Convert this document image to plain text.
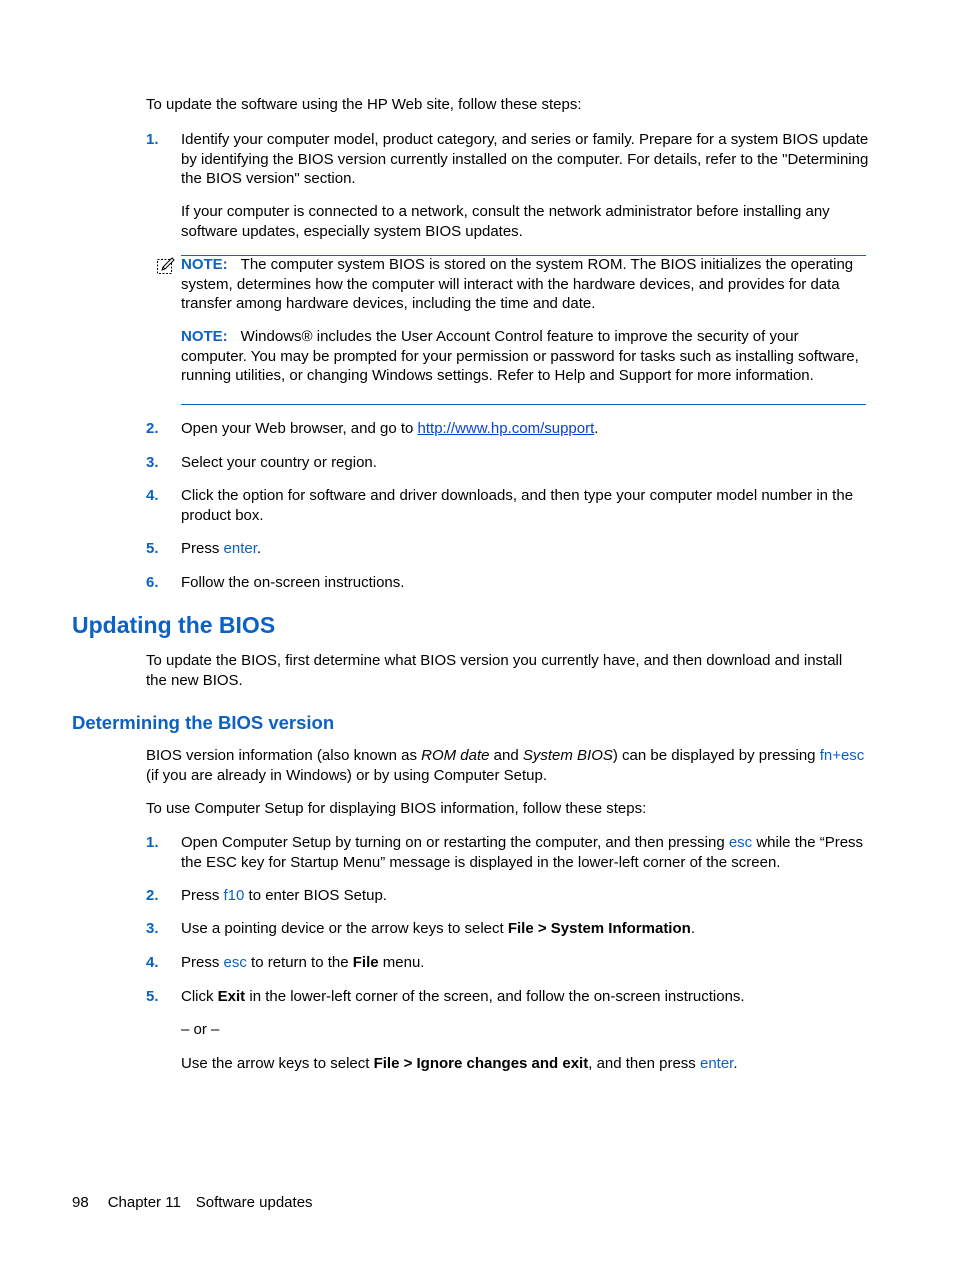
To update the software using the HP Web site, follow these steps:

1. Identify your computer model, product category, and series or family. Prepare for a system BIOS update by identifying the BIOS version currently installed on the computer. For details, refer to the "Determining the BIOS version" section.

If your computer is connected to a network, consult the network administrator before installing any software updates, especially system BIOS updates.

NOTE: The computer system BIOS is stored on the system ROM. The BIOS initializes the operating system, determines how the computer will interact with the hardware devices, and provides for data transfer among hardware devices, including the time and date.

NOTE: Windows® includes the User Account Control feature to improve the security of your computer. You may be prompted for your permission or password for tasks such as installing software, running utilities, or changing Windows settings. Refer to Help and Support for more information.

2. Open your Web browser, and go to http://www.hp.com/support.

3. Select your country or region.

4. Click the option for software and driver downloads, and then type your computer model number in the product box.

5. Press enter.

6. Follow the on-screen instructions.

Updating the BIOS

To update the BIOS, first determine what BIOS version you currently have, and then download and install the new BIOS.

Determining the BIOS version

BIOS version information (also known as ROM date and System BIOS) can be displayed by pressing fn+esc (if you are already in Windows) or by using Computer Setup.

To use Computer Setup for displaying BIOS information, follow these steps:

1. Open Computer Setup by turning on or restarting the computer, and then pressing esc while the “Press the ESC key for Startup Menu” message is displayed in the lower-left corner of the screen.

2. Press f10 to enter BIOS Setup.

3. Use a pointing device or the arrow keys to select File > System Information.

4. Press esc to return to the File menu.

5. Click Exit in the lower-left corner of the screen, and follow the on-screen instructions.

– or –

Use the arrow keys to select File > Ignore changes and exit, and then press enter.

98 Chapter 11 Software updates
